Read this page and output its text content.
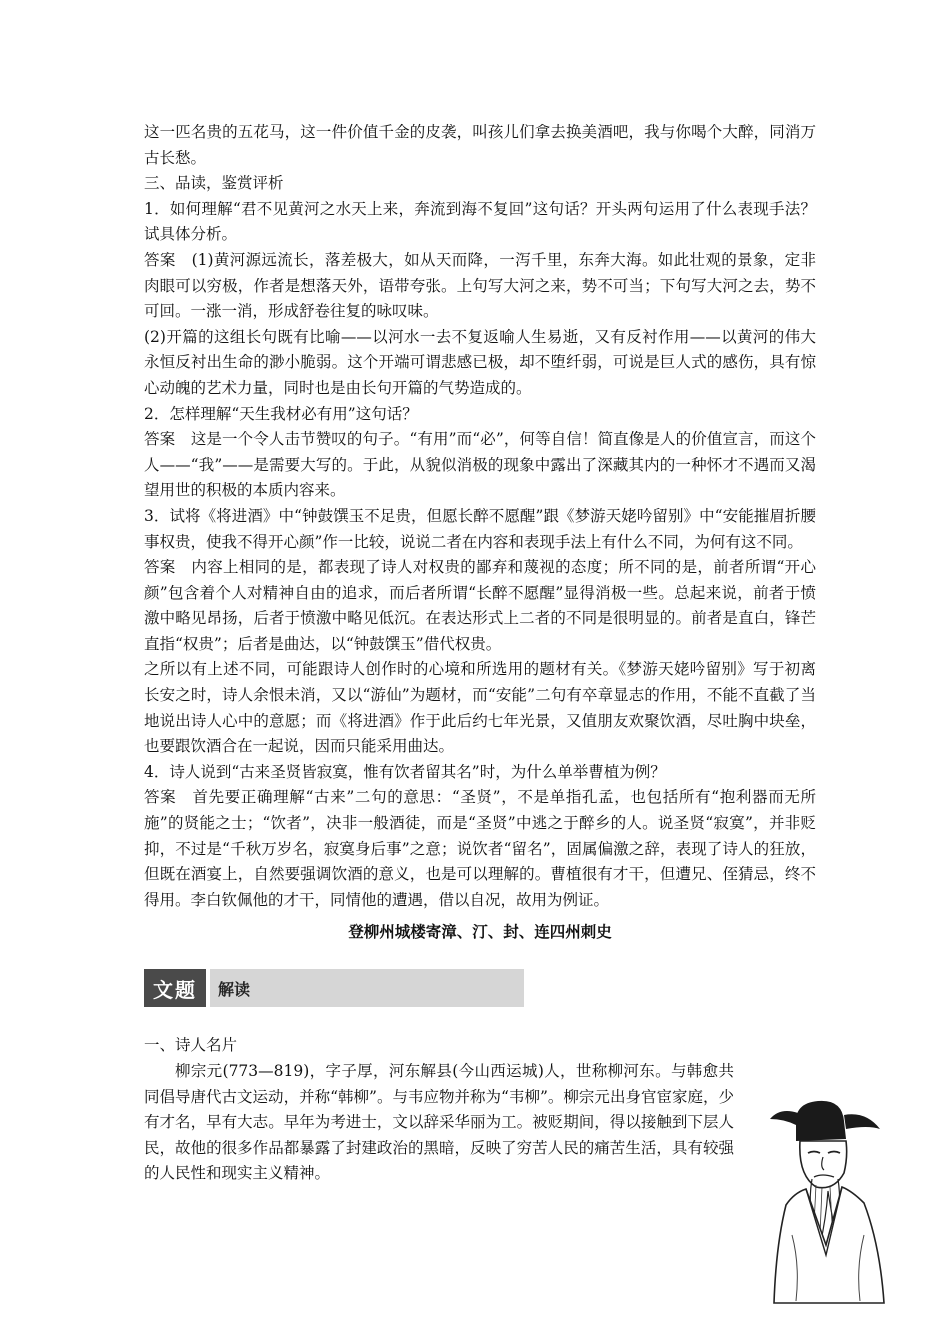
这一匹名贵的五花马，这一件价值千金的皮袭，叫孩儿们拿去换美酒吧，我与你喝个大醉，同消万古长愁。

三、品读，鉴赏评析

1．如何理解“君不见黄河之水天上来，奔流到海不复回”这句话？开头两句运用了什么表现手法？试具体分析。

答案　(1)黄河源远流长，落差极大，如从天而降，一泻千里，东奔大海。如此壮观的景象，定非肉眼可以穷极，作者是想落天外，语带夸张。上句写大河之来，势不可当；下句写大河之去，势不可回。一涨一消，形成舒卷往复的咏叹味。

(2)开篇的这组长句既有比喻——以河水一去不复返喻人生易逝，又有反衬作用——以黄河的伟大永恒反衬出生命的渺小脆弱。这个开端可谓悲感已极，却不堕纤弱，可说是巨人式的感伤，具有惊心动魄的艺术力量，同时也是由长句开篇的气势造成的。

2．怎样理解“天生我材必有用”这句话？

答案　这是一个令人击节赞叹的句子。“有用”而“必”，何等自信！简直像是人的价值宣言，而这个人——“我”——是需要大写的。于此，从貌似消极的现象中露出了深藏其内的一种怀才不遇而又渴望用世的积极的本质内容来。

3．试将《将进酒》中“钟鼓馔玉不足贵，但愿长醉不愿醒”跟《梦游天姥吟留别》中“安能摧眉折腰事权贵，使我不得开心颜”作一比较，说说二者在内容和表现手法上有什么不同，为何有这不同。

答案　内容上相同的是，都表现了诗人对权贵的鄙弃和蔑视的态度；所不同的是，前者所谓“开心颜”包含着个人对精神自由的追求，而后者所谓“长醉不愿醒”显得消极一些。总起来说，前者于愤激中略见昂扬，后者于愤激中略见低沉。在表达形式上二者的不同是很明显的。前者是直白，锋芒直指“权贵”；后者是曲达，以“钟鼓馔玉”借代权贵。

之所以有上述不同，可能跟诗人创作时的心境和所选用的题材有关。《梦游天姥吟留别》写于初离长安之时，诗人余恨未消，又以“游仙”为题材，而“安能”二句有卒章显志的作用，不能不直截了当地说出诗人心中的意愿；而《将进酒》作于此后约七年光景，又值朋友欢聚饮酒，尽吐胸中块垒，也要跟饮酒合在一起说，因而只能采用曲达。

4．诗人说到“古来圣贤皆寂寞，惟有饮者留其名”时，为什么单举曹植为例？

答案　首先要正确理解“古来”二句的意思：“圣贤”，不是单指孔孟，也包括所有“抱利器而无所施”的贤能之士；“饮者”，决非一般酒徒，而是“圣贤”中逃之于醉乡的人。说圣贤“寂寞”，并非贬抑，不过是“千秋万岁名，寂寞身后事”之意；说饮者“留名”，固属偏激之辞，表现了诗人的狂放，但既在酒宴上，自然要强调饮酒的意义，也是可以理解的。曹植很有才干，但遭兄、侄猜忌，终不得用。李白钦佩他的才干，同情他的遭遇，借以自况，故用为例证。

登柳州城楼寄漳、汀、封、连四州刺史
文题	解读

一、诗人名片

柳宗元(773—819)，字子厚，河东解县(今山西运城)人，世称柳河东。与韩愈共同倡导唐代古文运动，并称“韩柳”。与韦应物并称为“韦柳”。柳宗元出身官宦家庭，少有才名，早有大志。早年为考进士，文以辞采华丽为工。被贬期间，得以接触到下层人民，故他的很多作品都暴露了封建政治的黑暗，反映了穷苦人民的痛苦生活，具有较强的人民性和现实主义精神。
